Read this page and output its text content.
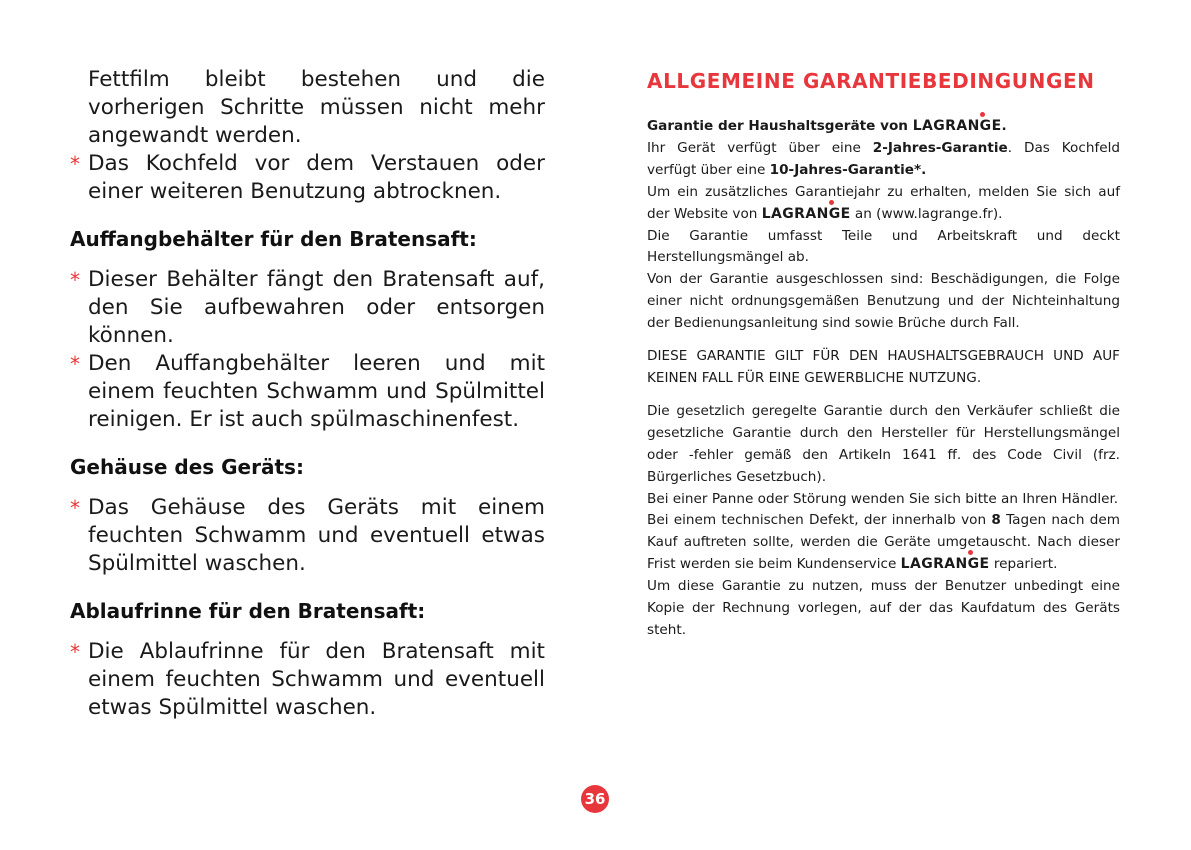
Fettfilm bleibt bestehen und die vorherigen Schritte müssen nicht mehr angewandt werden.
* Das Kochfeld vor dem Verstauen oder einer weiteren Benutzung abtrocknen.
Auffangbehälter für den Bratensaft:
* Dieser Behälter fängt den Bratensaft auf, den Sie aufbewahren oder entsorgen können.
* Den Auffangbehälter leeren und mit einem feuchten Schwamm und Spülmittel reinigen. Er ist auch spülmaschinenfest.
Gehäuse des Geräts:
* Das Gehäuse des Geräts mit einem feuchten Schwamm und eventuell etwas Spülmittel waschen.
Ablaufrinne für den Bratensaft:
* Die Ablaufrinne für den Bratensaft mit einem feuchten Schwamm und eventuell etwas Spülmittel waschen.
ALLGEMEINE GARANTIEBEDINGUNGEN

Garantie der Haushaltsgeräte von LAGRANGE
.

Ihr Gerät verfügt über eine 2-Jahres-Garantie. Das Kochfeld verfügt über eine 10-Jahres-Garantie*.

Um ein zusätzliches Garantiejahr zu erhalten, melden Sie sich auf der Website von LAGRANGE
an (www.lagrange.fr).

Die Garantie umfasst Teile und Arbeitskraft und deckt Herstellungsmängel ab.

Von der Garantie ausgeschlossen sind: Beschädigungen, die Folge einer nicht ordnungsgemäßen Benutzung und der Nichteinhaltung der Bedienungsanleitung sind sowie Brüche durch Fall.

DIESE GARANTIE GILT FÜR DEN HAUSHALTSGEBRAUCH UND AUF KEINEN FALL FÜR EINE GEWERBLICHE NUTZUNG.

Die gesetzlich geregelte Garantie durch den Verkäufer schließt die gesetzliche Garantie durch den Hersteller für Herstellungsmängel oder -fehler gemäß den Artikeln 1641 ff. des Code Civil (frz. Bürgerliches Gesetzbuch).

Bei einer Panne oder Störung wenden Sie sich bitte an Ihren Händler.

Bei einem technischen Defekt, der innerhalb von 8 Tagen nach dem Kauf auftreten sollte, werden die Geräte umgetauscht. Nach dieser Frist werden sie beim Kundenservice LAGRANGE
repariert.

Um diese Garantie zu nutzen, muss der Benutzer unbedingt eine Kopie der Rechnung vorlegen, auf der das Kaufdatum des Geräts steht.

36
